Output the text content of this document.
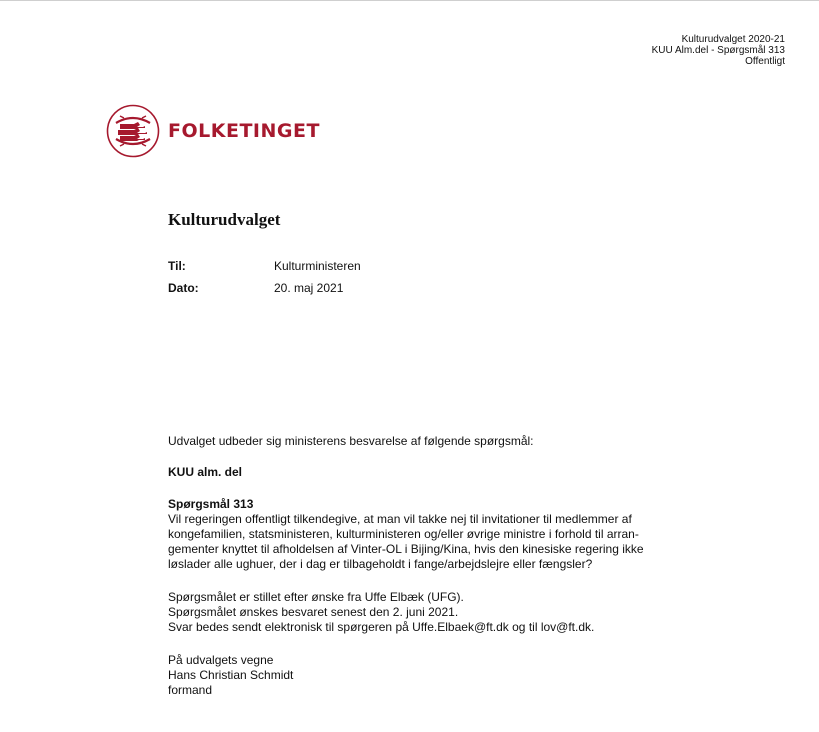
Kulturudvalget 2020-21
KUU Alm.del - Spørgsmål 313
Offentligt
FOLKETINGET
Kulturudvalget
Til:	Kulturministeren
Dato:	20. maj 2021
Udvalget udbeder sig ministerens besvarelse af følgende spørgsmål:
KUU alm. del
Spørgsmål 313
Vil regeringen offentligt tilkendegive, at man vil takke nej til invitationer til medlemmer af
kongefamilien, statsministeren, kulturministeren og/eller øvrige ministre i forhold til arran-
gementer knyttet til afholdelsen af Vinter-OL i Bijing/Kina, hvis den kinesiske regering ikke
løslader alle ughuer, der i dag er tilbageholdt i fange/arbejdslejre eller fængsler?
Spørgsmålet er stillet efter ønske fra Uffe Elbæk (UFG).
Spørgsmålet ønskes besvaret senest den 2. juni 2021.
Svar bedes sendt elektronisk til spørgeren på Uffe.Elbaek@ft.dk og til lov@ft.dk.
På udvalgets vegne
Hans Christian Schmidt
formand
